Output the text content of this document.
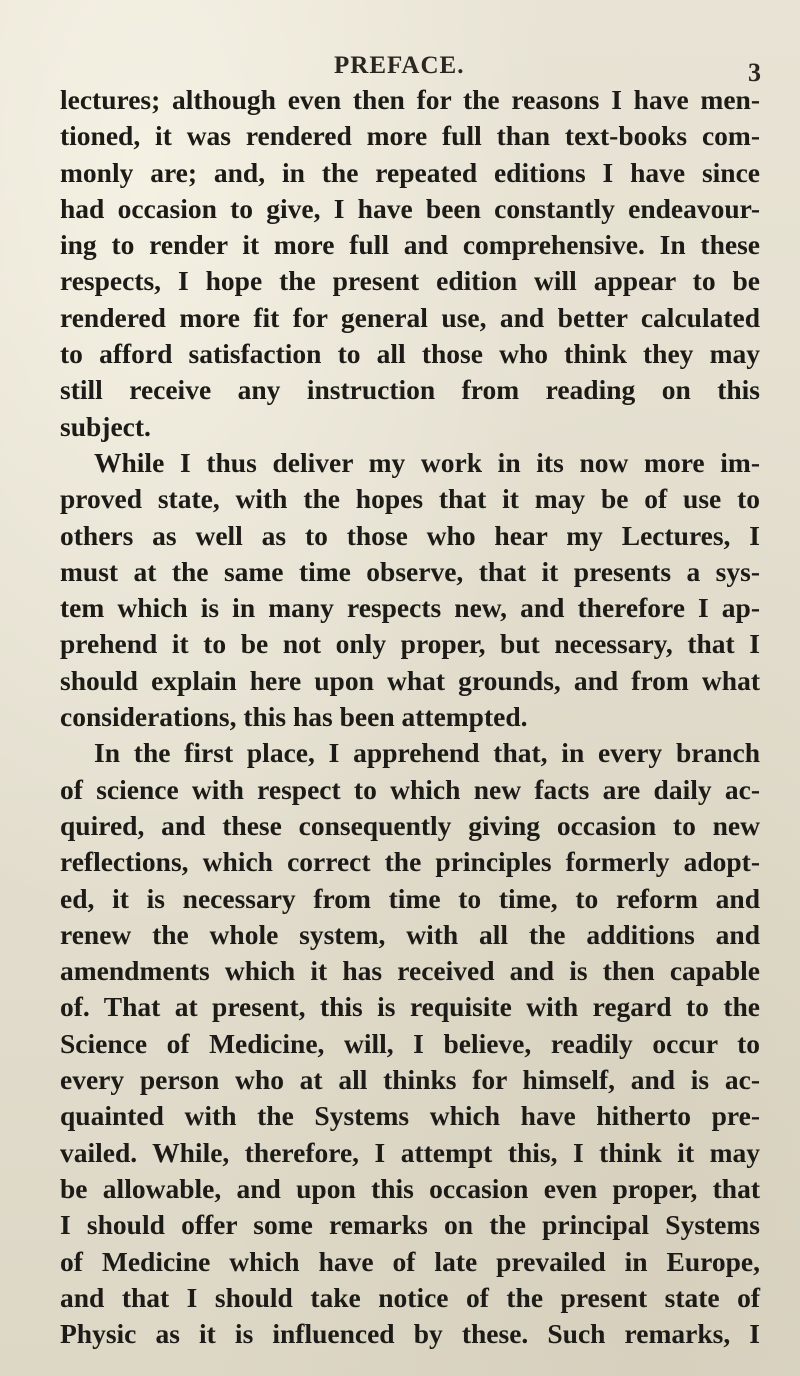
PREFACE.	3
lectures; although even then for the reasons I have men-
tioned, it was rendered more full than text-books com-
monly are; and, in the repeated editions I have since
had occasion to give, I have been constantly endeavour-
ing to render it more full and comprehensive. In these
respects, I hope the present edition will appear to be
rendered more fit for general use, and better calculated
to afford satisfaction to all those who think they may
still receive any instruction from reading on this
subject.
While I thus deliver my work in its now more im-
proved state, with the hopes that it may be of use to
others as well as to those who hear my Lectures, I
must at the same time observe, that it presents a sys-
tem which is in many respects new, and therefore I ap-
prehend it to be not only proper, but necessary, that I
should explain here upon what grounds, and from what
considerations, this has been attempted.
In the first place, I apprehend that, in every branch
of science with respect to which new facts are daily ac-
quired, and these consequently giving occasion to new
reflections, which correct the principles formerly adopt-
ed, it is necessary from time to time, to reform and
renew the whole system, with all the additions and
amendments which it has received and is then capable
of. That at present, this is requisite with regard to the
Science of Medicine, will, I believe, readily occur to
every person who at all thinks for himself, and is ac-
quainted with the Systems which have hitherto pre-
vailed. While, therefore, I attempt this, I think it may
be allowable, and upon this occasion even proper, that
I should offer some remarks on the principal Systems
of Medicine which have of late prevailed in Europe,
and that I should take notice of the present state of
Physic as it is influenced by these. Such remarks, I
